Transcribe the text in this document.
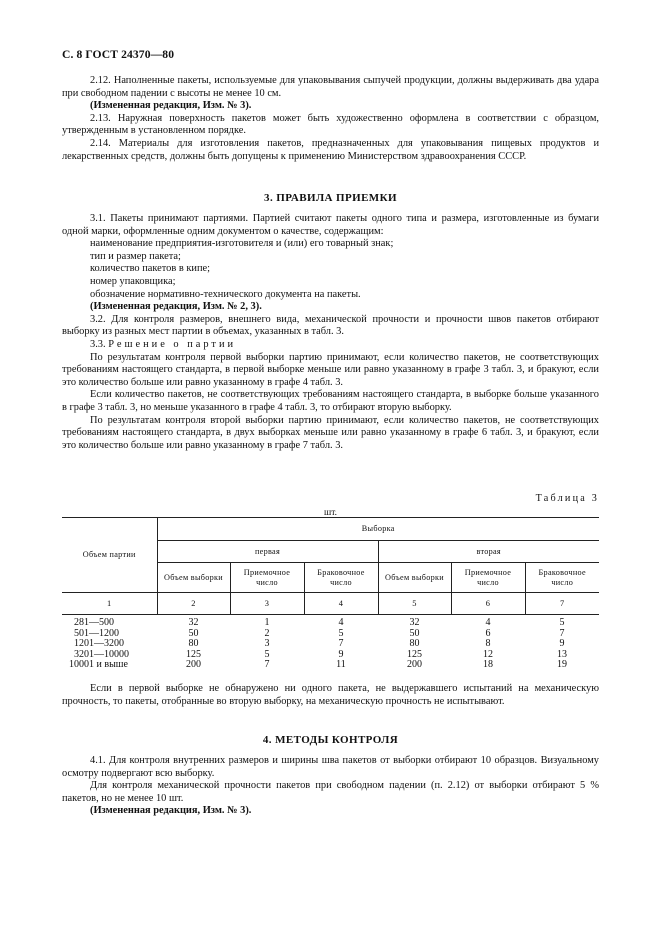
С. 8 ГОСТ 24370—80

2.12. Наполненные пакеты, используемые для упаковывания сыпучей продукции, должны выдерживать два удара при свободном падении с высоты не менее 10 см.

(Измененная редакция, Изм. № 3).

2.13. Наружная поверхность пакетов может быть художественно оформлена в соответствии с образцом, утвержденным в установленном порядке.

2.14. Материалы для изготовления пакетов, предназначенных для упаковывания пищевых продуктов и лекарственных средств, должны быть допущены к применению Министерством здравоохранения СССР.

3. ПРАВИЛА ПРИЕМКИ

3.1. Пакеты принимают партиями. Партией считают пакеты одного типа и размера, изготовленные из бумаги одной марки, оформленные одним документом о качестве, содержащим:

наименование предприятия-изготовителя и (или) его товарный знак;

тип и размер пакета;

количество пакетов в кипе;

номер упаковщика;

обозначение нормативно-технического документа на пакеты.

(Измененная редакция, Изм. № 2, 3).

3.2. Для контроля размеров, внешнего вида, механической прочности и прочности швов пакетов отбирают выборку из разных мест партии в объемах, указанных в табл. 3.

3.3. Решение о партии

По результатам контроля первой выборки партию принимают, если количество пакетов, не соответствующих требованиям настоящего стандарта, в первой выборке меньше или равно указанному в графе 3 табл. 3, и бракуют, если это количество больше или равно указанному в графе 4 табл. 3.

Если количество пакетов, не соответствующих требованиям настоящего стандарта, в выборке больше указанного в графе 3 табл. 3, но меньше указанного в графе 4 табл. 3, то отбирают вторую выборку.

По результатам контроля второй выборки партию принимают, если количество пакетов, не соответствующих требованиям настоящего стандарта, в двух выборках меньше или равно указанному в графе 6 табл. 3, и бракуют, если это количество больше или равно указанному в графе 7 табл. 3.

Таблица 3
шт.
Объем партии	Выборка					
	первая			вторая		
	Объем выборки	Приемочное число	Браковочное число	Объем выборки	Приемочное число	Браковочное число
1	2	3	4	5	6	7
281—500	32	1	4	32	4	5
501—1200	50	2	5	50	6	7
1201—3200	80	3	7	80	8	9
3201—10000	125	5	9	125	12	13
10001 и выше	200	7	11	200	18	19

Если в первой выборке не обнаружено ни одного пакета, не выдержавшего испытаний на механическую прочность, то пакеты, отобранные во вторую выборку, на механическую прочность не испытывают.

4. МЕТОДЫ КОНТРОЛЯ

4.1. Для контроля внутренних размеров и ширины шва пакетов от выборки отбирают 10 образцов. Визуальному осмотру подвергают всю выборку.

Для контроля механической прочности пакетов при свободном падении (п. 2.12) от выборки отбирают 5 % пакетов, но не менее 10 шт.

(Измененная редакция, Изм. № 3).
